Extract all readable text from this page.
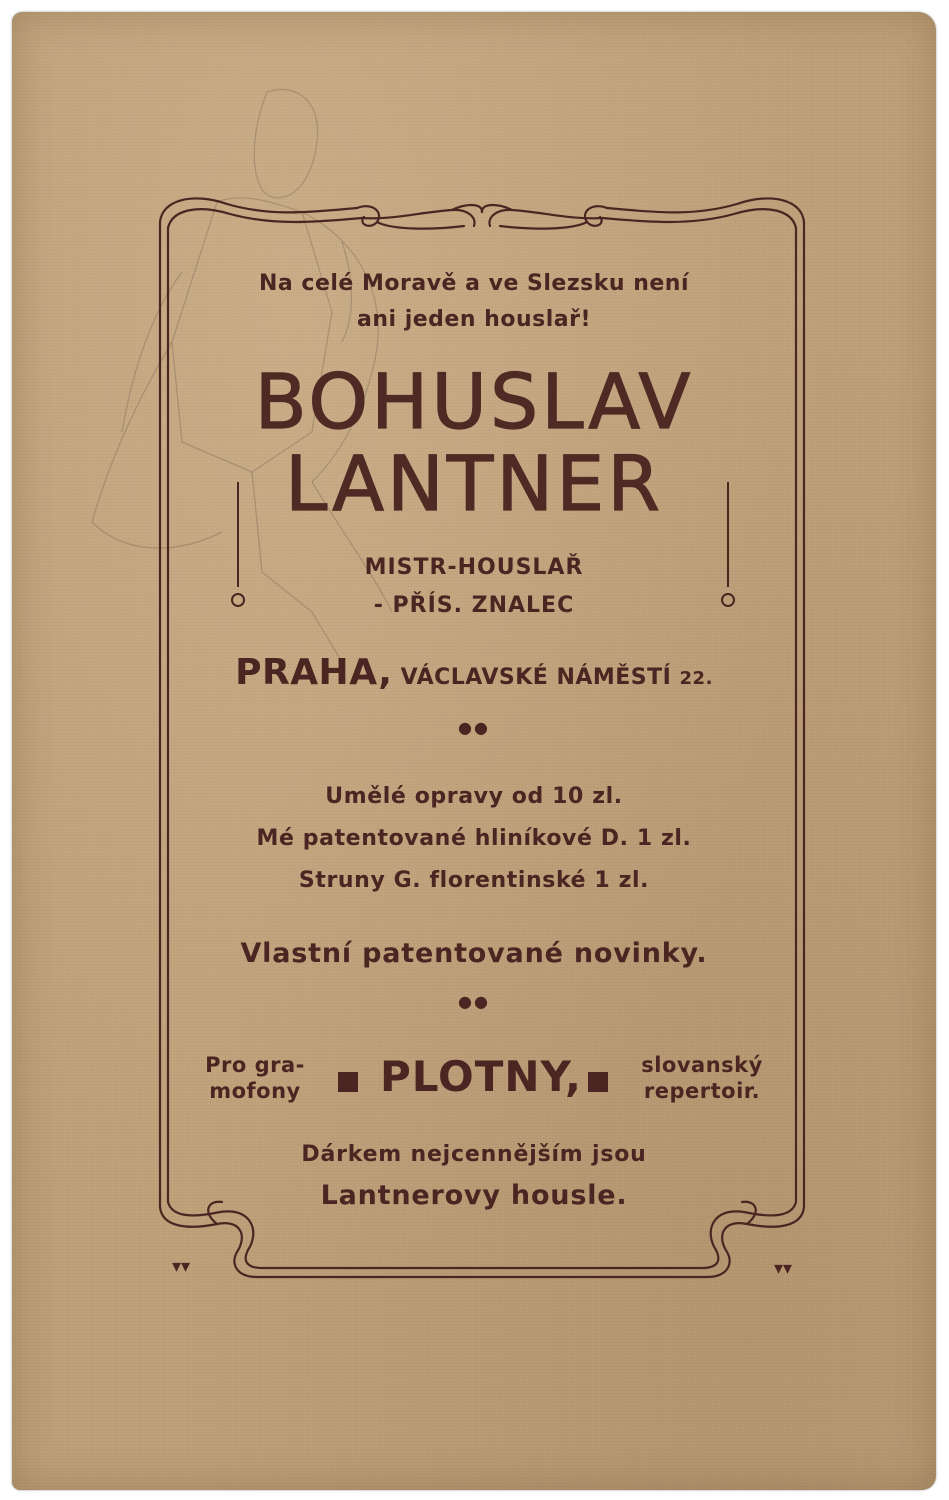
Na celé Moravě a ve Slezsku není
ani jeden houslař!
BOHUSLAV
LANTNER
MISTR-HOUSLAŘ
- PŘÍS. ZNALEC
PRAHA, VÁCLAVSKÉ NÁMĚSTÍ 22.
●●
Umělé opravy od 10 zl.
Mé patentované hliníkové D. 1 zl.
Struny G. florentinské 1 zl.
Vlastní patentované novinky.
●●
Pro gra-
mofony	PLOTNY,	slovanský
repertoir.
Dárkem nejcennějším jsou
Lantnerovy housle.
▾▾	▾▾
